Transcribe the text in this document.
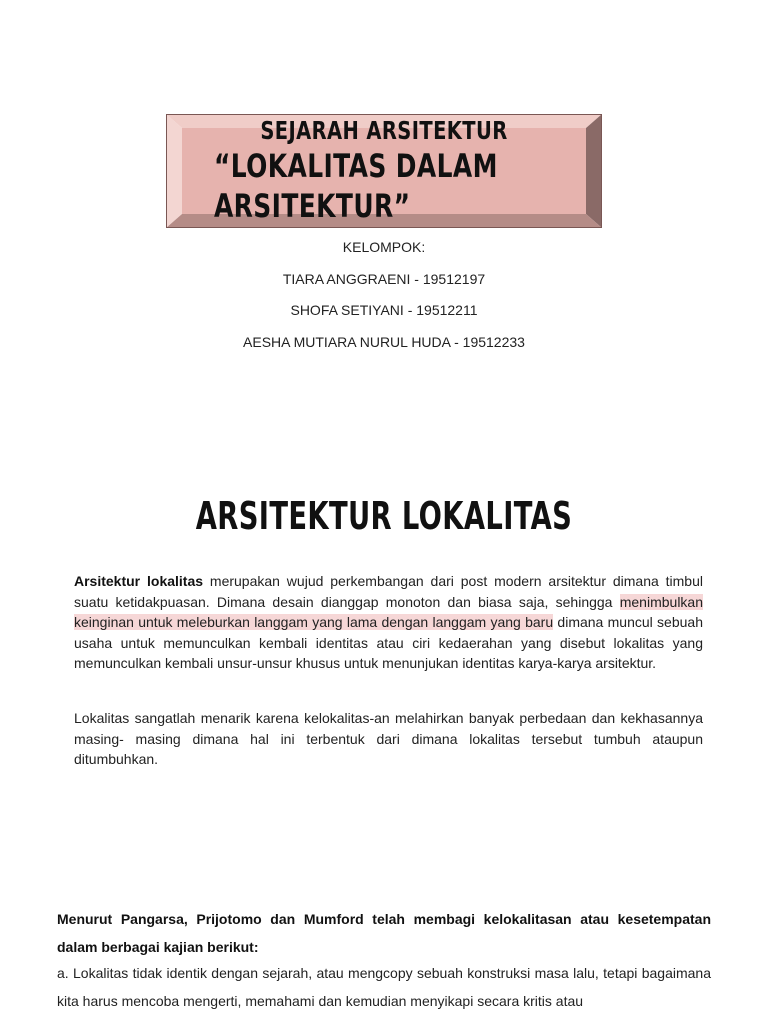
SEJARAH ARSITEKTUR
“LOKALITAS DALAM ARSITEKTUR”
KELOMPOK:
TIARA ANGGRAENI - 19512197
SHOFA SETIYANI - 19512211
AESHA MUTIARA NURUL HUDA - 19512233
ARSITEKTUR LOKALITAS

Arsitektur lokalitas merupakan wujud perkembangan dari post modern arsitektur dimana timbul suatu ketidakpuasan. Dimana desain dianggap monoton dan biasa saja, sehingga menimbulkan keinginan untuk meleburkan langgam yang lama dengan langgam yang baru dimana muncul sebuah usaha untuk memunculkan kembali identitas atau ciri kedaerahan yang disebut lokalitas yang memunculkan kembali unsur-unsur khusus untuk menunjukan identitas karya-karya arsitektur.

Lokalitas sangatlah menarik karena kelokalitas-an melahirkan banyak perbedaan dan kekhasannya masing- masing dimana hal ini terbentuk dari dimana lokalitas tersebut tumbuh ataupun ditumbuhkan.

Menurut Pangarsa, Prijotomo dan Mumford telah membagi kelokalitasan atau kesetempatan dalam berbagai kajian berikut:

a. Lokalitas tidak identik dengan sejarah, atau mengcopy sebuah konstruksi masa lalu, tetapi bagaimana kita harus mencoba mengerti, memahami dan kemudian menyikapi secara kritis atau
